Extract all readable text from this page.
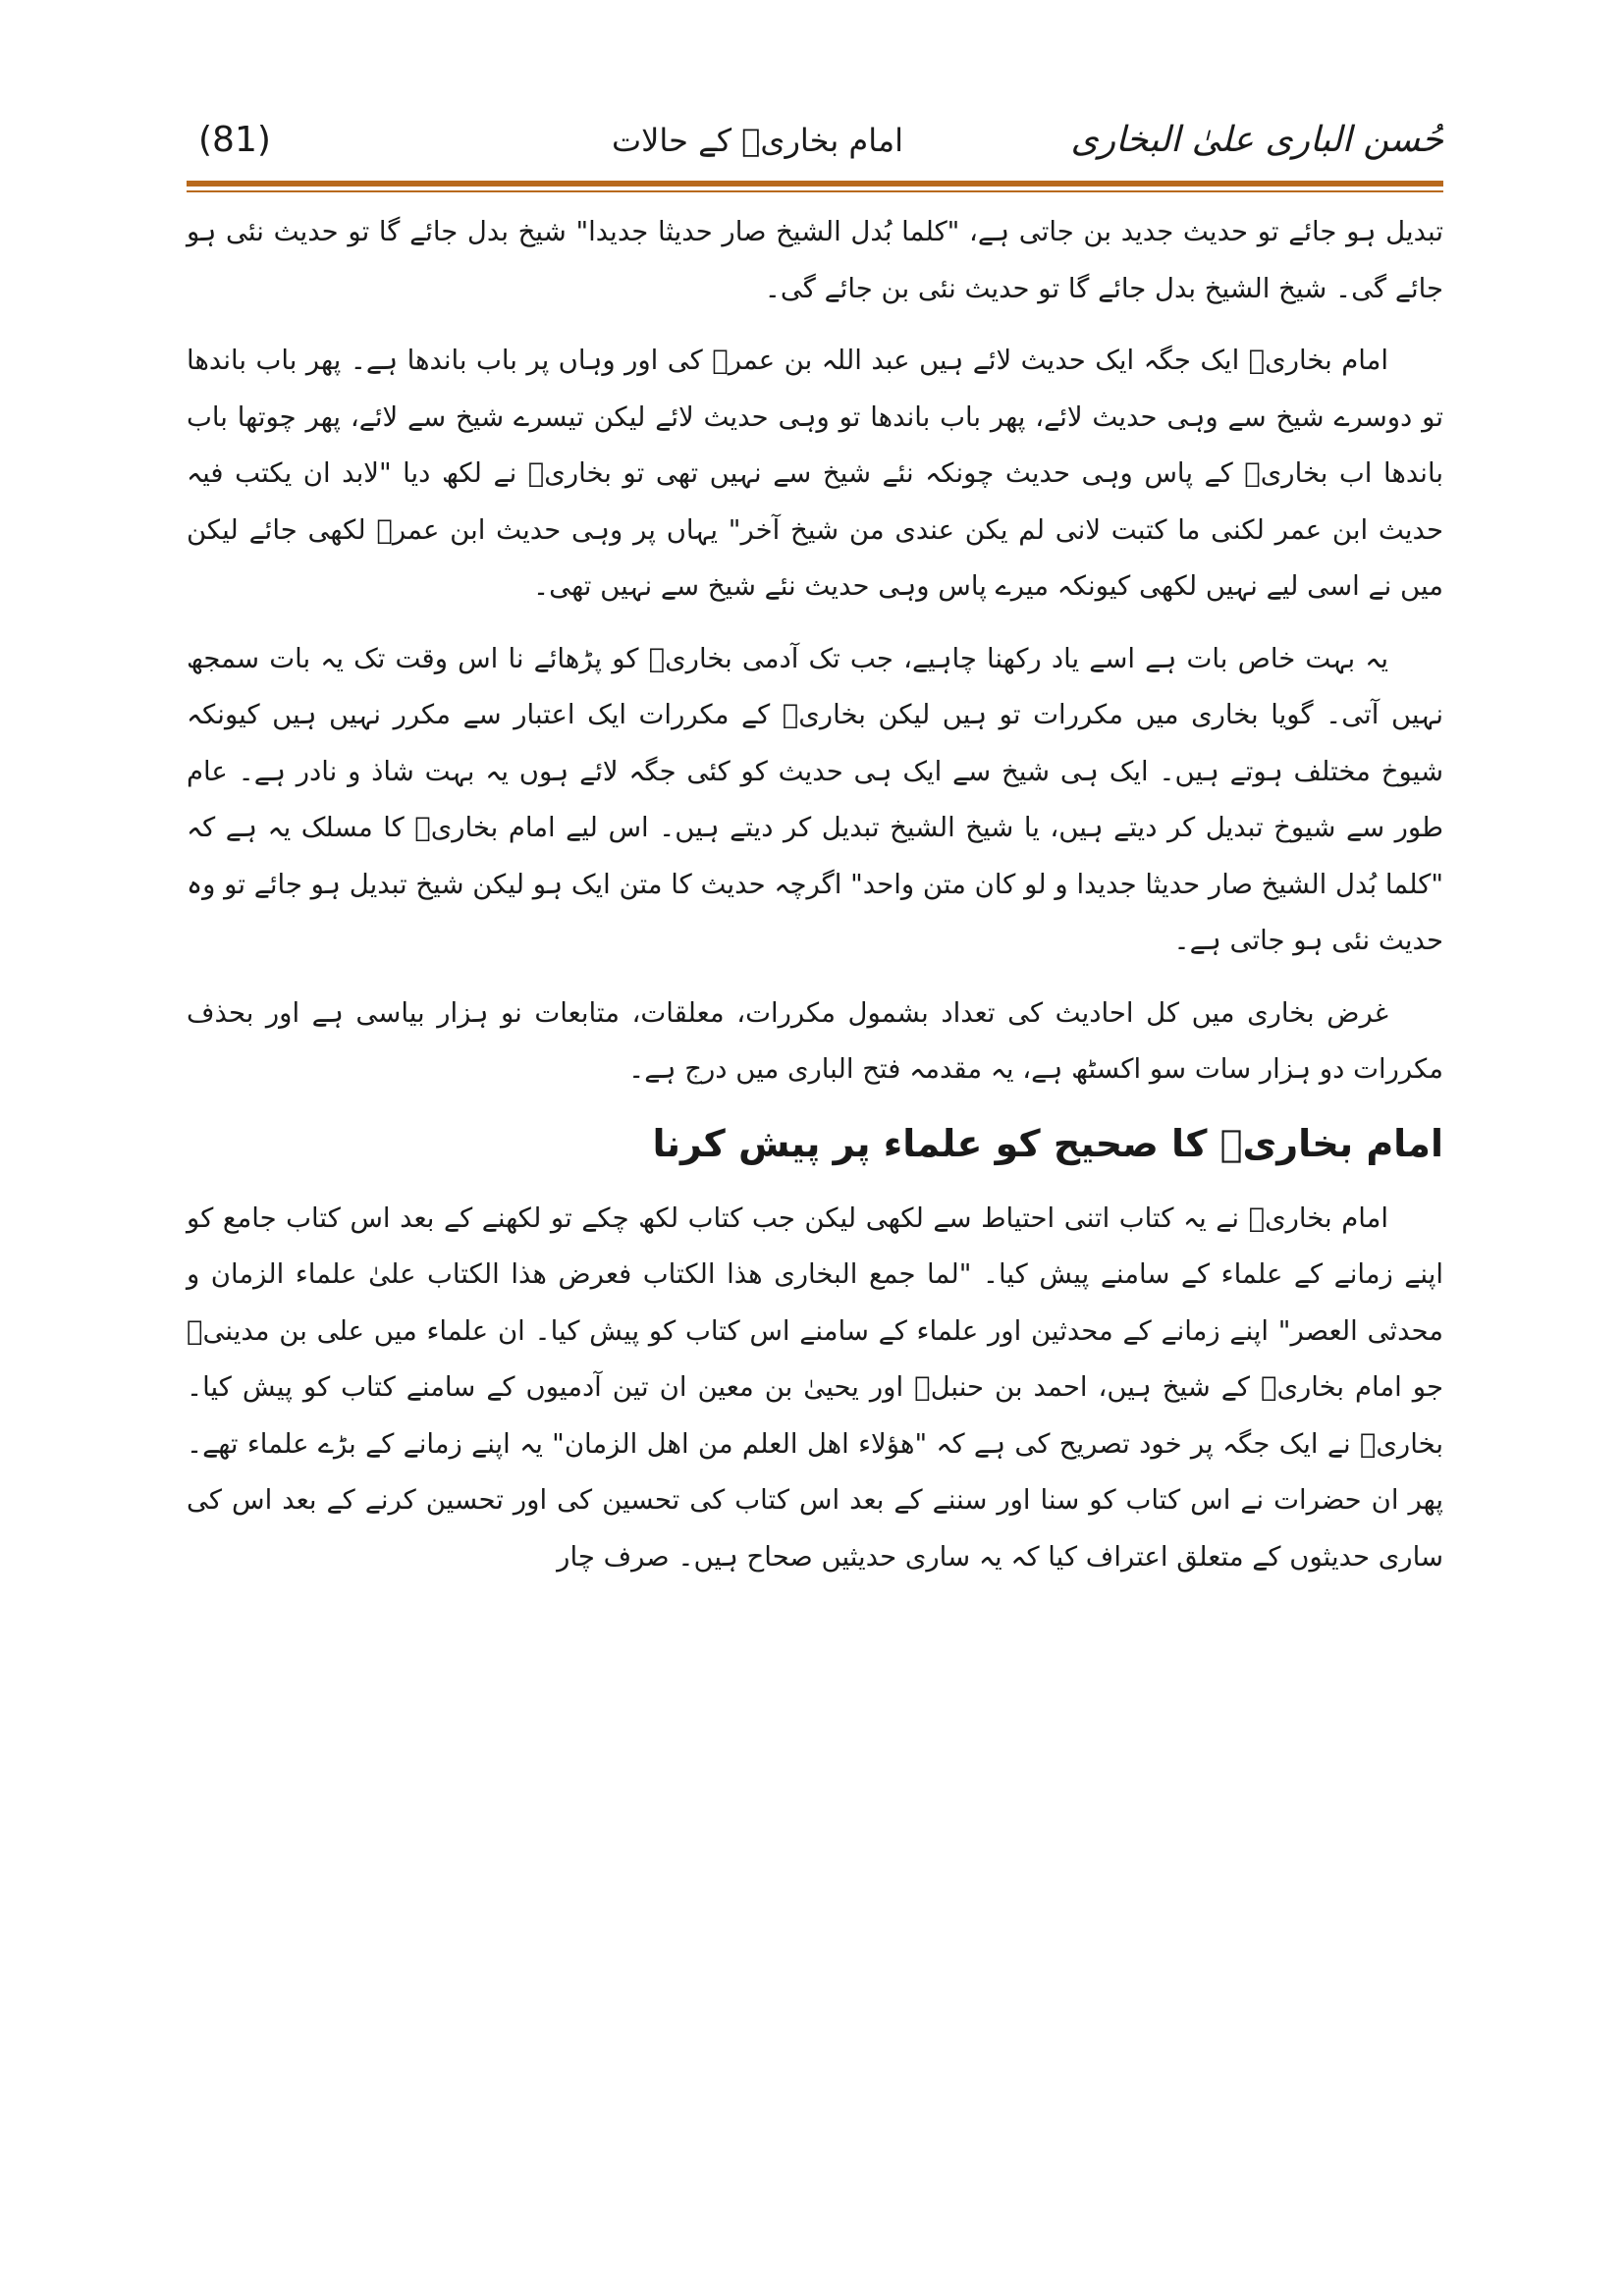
حُسن الباری علیٰ البخاری
امام بخاریؒ کے حالات
(81)

تبدیل ہو جائے تو حدیث جدید بن جاتی ہے، "کلما بُدل الشیخ صار حدیثا جدیدا" شیخ بدل جائے گا تو حدیث نئی ہو جائے گی۔ شیخ الشیخ بدل جائے گا تو حدیث نئی بن جائے گی۔

امام بخاریؒ ایک جگہ ایک حدیث لائے ہیں عبد اللہ بن عمرؓ کی اور وہاں پر باب باندھا ہے۔ پھر باب باندھا تو دوسرے شیخ سے وہی حدیث لائے، پھر باب باندھا تو وہی حدیث لائے لیکن تیسرے شیخ سے لائے، پھر چوتھا باب باندھا اب بخاریؒ کے پاس وہی حدیث چونکہ نئے شیخ سے نہیں تھی تو بخاریؒ نے لکھ دیا "لابد ان یکتب فیہ حدیث ابن عمر لکنی ما کتبت لانی لم یکن عندی من شیخ آخر" یہاں پر وہی حدیث ابن عمرؓ لکھی جائے لیکن میں نے اسی لیے نہیں لکھی کیونکہ میرے پاس وہی حدیث نئے شیخ سے نہیں تھی۔

یہ بہت خاص بات ہے اسے یاد رکھنا چاہیے، جب تک آدمی بخاریؒ کو پڑھائے نا اس وقت تک یہ بات سمجھ نہیں آتی۔ گویا بخاری میں مکررات تو ہیں لیکن بخاریؒ کے مکررات ایک اعتبار سے مکرر نہیں ہیں کیونکہ شیوخ مختلف ہوتے ہیں۔ ایک ہی شیخ سے ایک ہی حدیث کو کئی جگہ لائے ہوں یہ بہت شاذ و نادر ہے۔ عام طور سے شیوخ تبدیل کر دیتے ہیں، یا شیخ الشیخ تبدیل کر دیتے ہیں۔ اس لیے امام بخاریؒ کا مسلک یہ ہے کہ "کلما بُدل الشیخ صار حدیثا جدیدا و لو کان متن واحد" اگرچہ حدیث کا متن ایک ہو لیکن شیخ تبدیل ہو جائے تو وہ حدیث نئی ہو جاتی ہے۔

غرض بخاری میں کل احادیث کی تعداد بشمول مکررات، معلقات، متابعات نو ہزار بیاسی ہے اور بحذف مکررات دو ہزار سات سو اکسٹھ ہے، یہ مقدمہ فتح الباری میں درج ہے۔

امام بخاریؒ کا صحیح کو علماء پر پیش کرنا

امام بخاریؒ نے یہ کتاب اتنی احتیاط سے لکھی لیکن جب کتاب لکھ چکے تو لکھنے کے بعد اس کتاب جامع کو اپنے زمانے کے علماء کے سامنے پیش کیا۔ "لما جمع البخاری ھذا الکتاب فعرض ھذا الکتاب علیٰ علماء الزمان و محدثی العصر" اپنے زمانے کے محدثین اور علماء کے سامنے اس کتاب کو پیش کیا۔ ان علماء میں علی بن مدینیؒ جو امام بخاریؒ کے شیخ ہیں، احمد بن حنبلؒ اور یحییٰ بن معین ان تین آدمیوں کے سامنے کتاب کو پیش کیا۔ بخاریؒ نے ایک جگہ پر خود تصریح کی ہے کہ "ھؤلاء اھل العلم من اھل الزمان" یہ اپنے زمانے کے بڑے علماء تھے۔ پھر ان حضرات نے اس کتاب کو سنا اور سننے کے بعد اس کتاب کی تحسین کی اور تحسین کرنے کے بعد اس کی ساری حدیثوں کے متعلق اعتراف کیا کہ یہ ساری حدیثیں صحاح ہیں۔ صرف چار
